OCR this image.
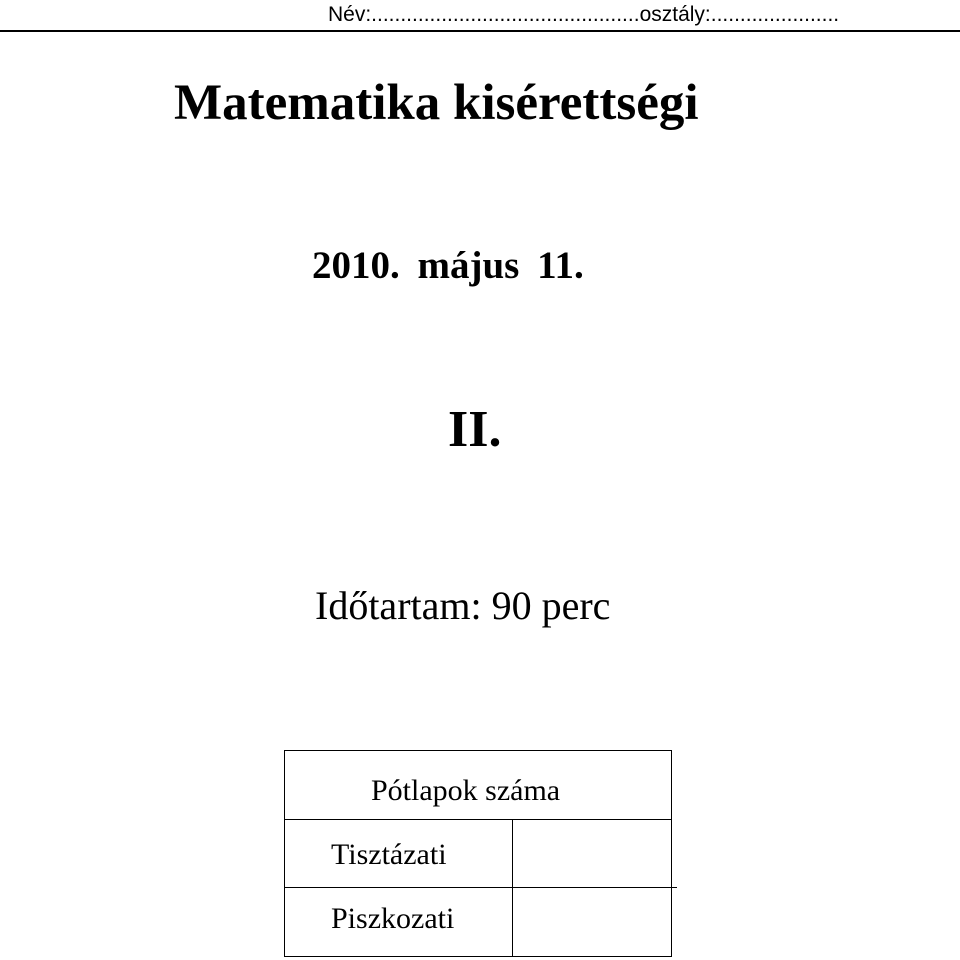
Név:..............................................osztály:......................
Matematika kisérettségi
2010. május 11.
II.
Időtartam: 90 perc
Pótlapok száma
Tisztázati
Piszkozati
